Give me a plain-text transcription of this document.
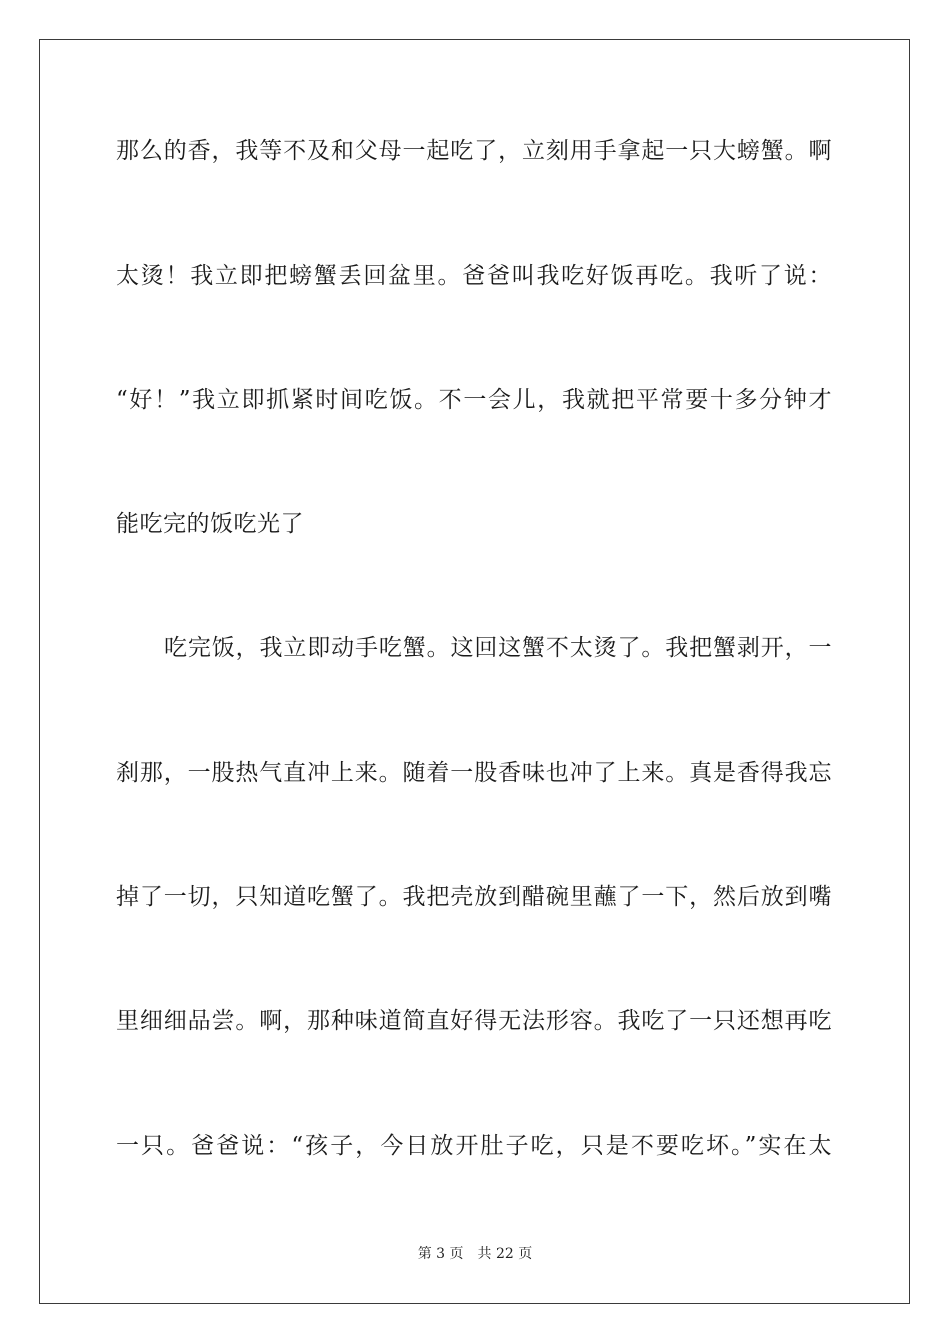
那么的香，我等不及和父母一起吃了，立刻用手拿起一只大螃蟹。啊
太烫！我立即把螃蟹丢回盆里。爸爸叫我吃好饭再吃。我听了说：
“好！”我立即抓紧时间吃饭。不一会儿，我就把平常要十多分钟才
能吃完的饭吃光了
吃完饭，我立即动手吃蟹。这回这蟹不太烫了。我把蟹剥开，一
刹那，一股热气直冲上来。随着一股香味也冲了上来。真是香得我忘
掉了一切，只知道吃蟹了。我把壳放到醋碗里蘸了一下，然后放到嘴
里细细品尝。啊，那种味道简直好得无法形容。我吃了一只还想再吃
一只。爸爸说：“孩子，今日放开肚子吃，只是不要吃坏。”实在太
第 3 页 共 22 页
